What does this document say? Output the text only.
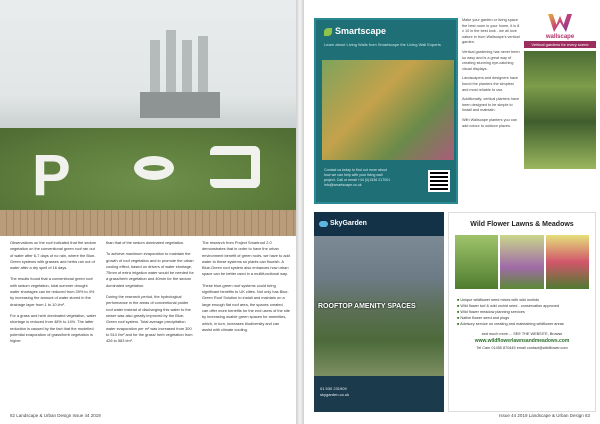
P

Observations on the roof indicated that the sedum vegetation on the conventional green roof ran out of water after 6-7 days of no rain, where the Blue-Green systems with grasses and herbs ran out of water after a dry spell of 16 days.

The results found that a conventional green roof with sedum vegetation, total summer drought water shortages can be reduced from 39% to 4% by increasing the amount of water stored in the drainage layer from 1 to 10 l/m².

For a grass and herb dominated vegetation, water shortage is reduced from 48% to 14%. The latter reduction is caused by the fact that the modelled potential evaporation of grass/herb vegetation is higher

than that of the sedum dominated vegetation.

To achieve maximum evaporation to maintain the growth of roof vegetation and to promote the urban cooling effect, based on drivers of water shortage, 75mm of extra irrigation water would be needed for a grass/herb vegetation and 40mm for the sedum dominated vegetation.

During the research period, the hydrological performance in the areas of conventional polder roof water instead of discharging this water to the sewer was also greatly improved by the Blue-Green roof system. Total average precipitation water evaporation per m² was increased from 300 to 514 l/m² and for the grass/ herb vegetation from 426 to 583 l/m².

The research from Project Smartroof 2.0 demonstrates that in order to have the urban environment benefit of green roofs, we have to add water to these systems so plants can flourish. A Blue-Green roof system also enhances how urban space can be better used in a multifunctional way.

These blue-green roof systems could bring significant benefits to UK cities. Not only has Blue-Green Roof Solution to install and maintain on a large enough flat roof area, the spaces created can offer more benefits for the end users of the site by increasing usable green spaces for amenities, which, in turn, increases biodiversity and can assist with climate cooling.

62 Landscape & Urban Design Issue 44 2019
Smartscape
Learn about Living Walls from Smartscape the Living Wall Experts
Contact us today to find out more about how we can help with your living wall project. Call or email +44 (0)1536 217001 info@smartscape.co.uk

Make your garden or living space the best room in your home, it is 8 x 10 in the best look - we all love nature in from Wallscape's vertical garden.

Vertical gardening has never been so easy and is a great way of creating stunning eye-catching visual displays.

Landscapers and designers have found the planters the simplest and most reliable to use.

Additionally, vertical planters have been designed to be simple to install and maintain.

With Wallscape planters you can add colour to outdoor places.

wallscape
Vertical gardens for every scene
SkyGarden
ROOFTOP AMENITY SPACES
01 530 231909
skygarden.co.uk
Wild Flower Lawns & Meadows
■ Unique wildflower seed mixes with wild orchids
■ Wild flower turf & wild orchid seed - conservation approved
■ Wild flower meadow planning services
■ Native flower seed and plugs
■ Advisory service on creating and maintaining wildflower areas
and much more ... SEE THE WEBSITE, Browse
www.wildflowerlawnsandmeadows.com
Tel Cam 01455 870445 email contact@wildflower.com
Issue 44 2019 Landscape & Urban Design 63
